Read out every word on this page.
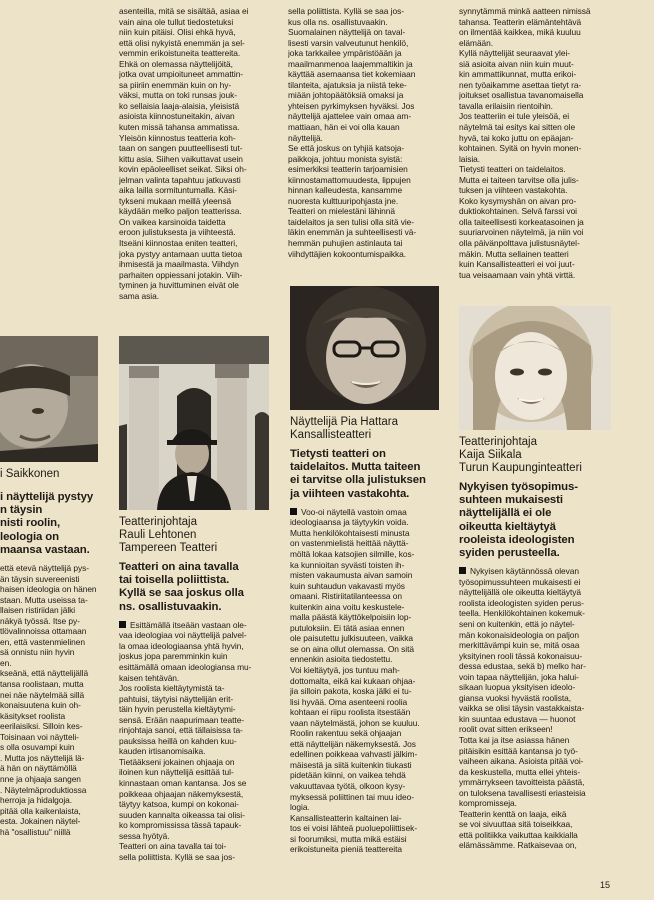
asenteilla, mitä se sisältää, asiaa ei
vain aina ole tullut tiedostetuksi
niin kuin pitäisi. Olisi ehkä hyvä,
että olisi nykyistä enemmän ja sel-
vemmin erikoistuneita teattereita.
Ehkä on olemassa näyttelijöitä,
jotka ovat umpioituneet ammattin-
sa piiriin enemmän kuin on hy-
väksi, mutta on toki runsas jouk-
ko sellaisia laaja-alaisia, yleisistä
asioista kiinnostuneitakin, aivan
kuten missä tahansa ammatissa.
Yleisön kiinnostus teatteria koh-
taan on sangen puutteellisesti tut-
kittu asia. Siihen vaikuttavat usein
kovin epäoleelliset seikat. Siksi oh-
jelman valinta tapahtuu jatkuvasti
aika lailla sormituntumalla. Käsi-
tykseni mukaan meillä yleensä
käydään melko paljon teatterissa.
On vaikea karsinoida taidetta
eroon julistuksesta ja viihteestä.
Itseäni kiinnostaa eniten teatteri,
joka pystyy antamaan uutta tietoa
ihmisestä ja maailmasta. Viihdyn
parhaiten oppiessani jotakin. Viih-
tyminen ja huvittuminen eivät ole
sama asia.

sella poliittista. Kyllä se saa jos-
kus olla ns. osallistuvaakin.
Suomalainen näyttelijä on taval-
lisesti varsin valveutunut henkilö,
joka tarkkailee ympäristöään ja
maailmanmenoa laajemmaltikin ja
käyttää asemaansa tiet kokemiaan
tilanteita, ajatuksia ja niistä teke-
miään johtopäätöksiä omaksi ja
yhteisen pyrkimyksen hyväksi. Jos
näyttelijä ajattelee vain omaa am-
mattiaan, hän ei voi olla kauan
näyttelijä.
Se että joskus on tyhjiä katsoja-
paikkoja, johtuu monista syistä:
esimerkiksi teatterin tarjoamisien
kiinnostamattomuudesta, lippujen
hinnan kalleudesta, kansamme
nuoresta kulttuuripohjasta jne.
Teatteri on mielestäni lähinnä
taidelaitos ja sen tulisi olla sitä vie-
läkin enemmän ja suhteellisesti vä-
hemmän puhujien astinlauta tai
viihdyttäjien kokoontumispaikka.

synnytämmä minkä aatteen nimissä
tahansa. Teatterin elämäntehtävä
on ilmentää kaikkea, mikä kuuluu
elämään.
Kyllä näyttelijät seuraavat ylei-
siä asioita aivan niin kuin muut-
kin ammattikunnat, mutta erikoi-
nen työaikamme asettaa tietyt ra-
joitukset osallistua tavanomaisella
tavalla erilaisiin rientoihin.
Jos teatteriin ei tule yleisöä, ei
näytelmä tai esitys kai sitten ole
hyvä, tai koko juttu on epäajan-
kohtainen. Syitä on hyvin monen-
laisia.
Tietysti teatteri on taidelaitos.
Mutta ei taiteen tarvitse olla julis-
tuksen ja viihteen vastakohta.
Koko kysymyshän on aivan pro-
duktiokohtainen. Selvä farssi voi
olla taiteellisesti korkeatasoinen ja
suuriarvoinen näytelmä, ja niin voi
olla päivänpolttava julistusnäytel-
mäkin. Mutta sellainen teatteri
kuin Kansallisteatteri ei voi juut-
tua veisaamaan vain yhtä virttä.

i Saikkonen

i näyttelijä pystyy
n täysin
nisti roolin,
leologia on
maansa vastaan.

että etevä näyttelijä pys-
än täysin suvereenisti
haisen ideologia on hänen
staan. Mutta useissa ta-
llaisen ristiriidan jälki
näkyä työssä. Itse py-
tlövalinnoissa ottamaan
en, että vastenmielinen
sä onnistu niin hyvin
en.
kseänä, että näyttelijällä
tansa roolistaan, mutta
nei näe näytelmää sillä
konaisuutena kuin oh-
käsitykset roolista
eerilaisiksi. Silloin kes-
Toisinaan voi näytteli-
s olla osuvampi kuin
. Mutta jos näyttelijä lä-
ä hän on näyttämöllä
nne ja ohjaaja sangen
. Näytelmäproduktiossa
herroja ja hidalgoja.
pitää olla kaikenlaista,
esta. Jokainen näytel-
hä "osallistuu" niillä

Teatterinjohtaja

Rauli Lehtonen

Tampereen Teatteri

Teatteri on aina tavalla
tai toisella poliittista.
Kyllä se saa joskus olla
ns. osallistuvaakin.

Esittämällä itseään vastaan ole-
vaa ideologiaa voi näyttelijä palvel-
la omaa ideologiaansa yhtä hyvin,
joskus jopa paremminkin kuin
esittämällä omaan ideologiansa mu-
kaisen tehtävän.
Jos roolista kieltäytymistä ta-
pahtuisi, täytyisi näyttelijän erit-
täin hyvin perustella kieltäytymi-
sensä. Erään naapurimaan teatte-
rinjohtaja sanoi, että tällaisissa ta-
pauksissa heillä on kahden kuu-
kauden irtisanomisaika.
Tietääkseni jokainen ohjaaja on
iloinen kun näyttelijä esittää tul-
kinnastaan oman kantansa. Jos se
poikkeaa ohjaajan näkemyksestä,
täytyy katsoa, kumpi on kokonai-
suuden kannalta oikeassa tai olisi-
ko kompromississa tässä tapauk-
sessa hyötyä.
Teatteri on aina tavalla tai toi-
sella poliittista. Kyllä se saa jos-

Näyttelijä Pia Hattara

Kansallisteatteri

Tietysti teatteri on
taidelaitos. Mutta taiteen
ei tarvitse olla julistuksen
ja viihteen vastakohta.

Voo-oi näytellä vastoin omaa
ideologiaansa ja täytyykin voida.
Mutta henkilökohtaisesti minusta
on vastenmielistä heittää näyttä-
möltä lokaa katsojien silmille, kos-
ka kunnioitan syvästi toisten ih-
misten vakaumusta aivan samoin
kuin suhtaudun vakavasti myös
omaani. Ristiriitatilanteessa on
kuitenkin aina voitu keskustele-
malla päästä käyttökelpoisiin lop-
putuloksiin. Ei tätä asiaa ennen
ole paisutettu julkisuuteen, vaikka
se on aina ollut olemassa. On sitä
ennenkin asioita tiedostettu.
Voi kieltäytyä, jos tuntuu mah-
dottomalta, eikä kai kukaan ohjaa-
jia silloin pakota, koska jälki ei tu-
lisi hyvää. Oma asenteeni roolia
kohtaan ei riipu roolista itsestään
vaan näytelmästä, johon se kuuluu.
Roolin rakentuu sekä ohjaajan
että näyttelijän näkemyksestä. Jos
edellinen poikkeaa vahvasti jälkim-
mäisestä ja siitä kuitenkin tiukasti
pidetään kiinni, on vaikea tehdä
vakuuttavaa työtä, olkoon kysy-
myksessä poliittinen tai muu ideo-
logia.
Kansallisteatterin kaltainen lai-
tos ei voisi lähteä puoluepoliittisek-
si foorumiksi, mutta mikä estäisi
erikoistuneita pieniä teattereita

Teatterinjohtaja

Kaija Siikala

Turun Kaupunginteatteri

Nykyisen työsopimus-
suhteen mukaisesti
näyttelijällä ei ole
oikeutta kieltäytyä
rooleista ideologisten
syiden perusteella.

Nykyisen käytännössä olevan
työsopimussuhteen mukaisesti ei
näyttelijällä ole oikeutta kieltäytyä
roolista ideologisten syiden perus-
teella. Henkilökohtainen kokemuk-
seni on kuitenkin, että jo näytel-
män kokonaisideologia on paljon
merkittävämpi kuin se, mitä osaa
yksityinen rooli tässä kokonaisuu-
dessa edustaa, sekä b) melko har-
voin tapaa näyttelijän, joka halui-
sikaan luopua yksityisen ideolo-
giansa vuoksi hyvästä roolista,
vaikka se olisi täysin vastakkaista-
kin suuntaa edustava — huonot
roolit ovat sitten erikseen!
Totta kai ja itse asiassa hänen
pitäisikin esittää kantansa jo työ-
vaiheen aikana. Asioista pitää voi-
da keskustella, mutta ellei yhteis-
ymmärrykseen tavoitteista päästä,
on tuloksena tavallisesti eriasteisia
kompromisseja.
Teatterin kenttä on laaja, eikä
se voi sivuuttaa sitä toiseikkaa,
että politiikka vaikuttaa kaikkialla
elämässämme. Ratkaisevaa on,

15
